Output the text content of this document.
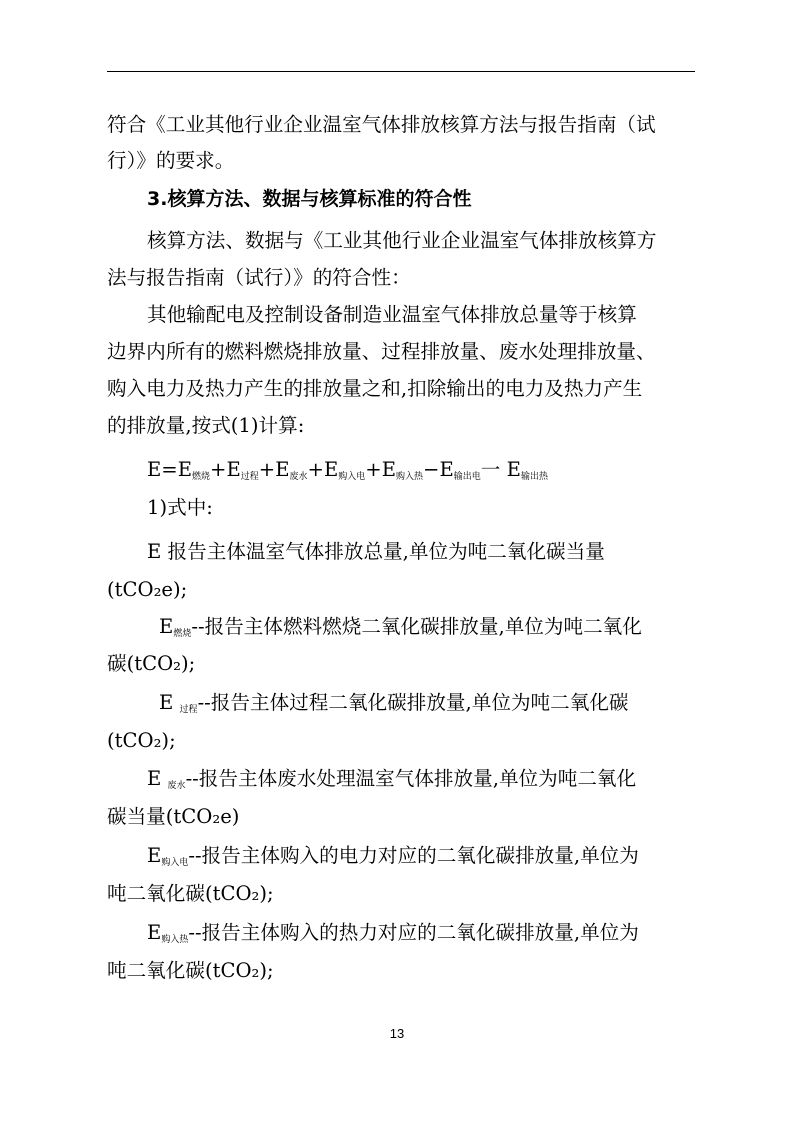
符合《工业其他行业企业温室气体排放核算方法与报告指南（试
行）》的要求。
3.核算方法、数据与核算标准的符合性
核算方法、数据与《工业其他行业企业温室气体排放核算方
法与报告指南（试行）》的符合性：
其他输配电及控制设备制造业温室气体排放总量等于核算
边界内所有的燃料燃烧排放量、过程排放量、废水处理排放量、
购入电力及热力产生的排放量之和,扣除输出的电力及热力产生
的排放量,按式(1)计算:
E=E燃烧+E过程+E废水+E购入电+E购入热−E输出电一 E输出热
1)式中:
E 报告主体温室气体排放总量,单位为吨二氧化碳当量
(tCO₂e);
E燃烧--报告主体燃料燃烧二氧化碳排放量,单位为吨二氧化
碳(tCO₂);
E 过程--报告主体过程二氧化碳排放量,单位为吨二氧化碳
(tCO₂);
E 废水--报告主体废水处理温室气体排放量,单位为吨二氧化
碳当量(tCO₂e)
E购入电--报告主体购入的电力对应的二氧化碳排放量,单位为
吨二氧化碳(tCO₂);
E购入热--报告主体购入的热力对应的二氧化碳排放量,单位为
吨二氧化碳(tCO₂);
13
